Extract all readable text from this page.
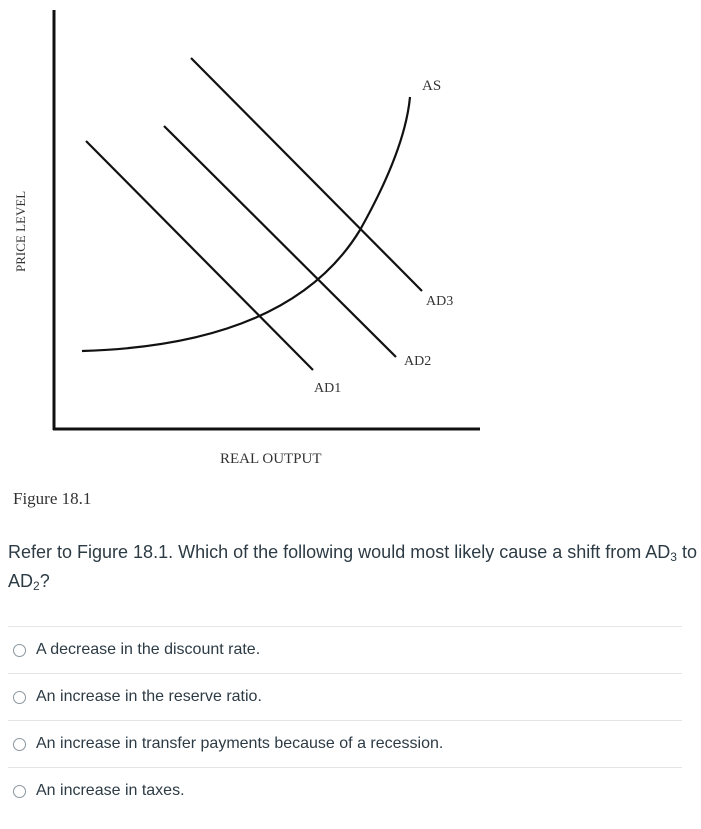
AS
AD3
AD2
AD1
REAL OUTPUT
PRICE LEVEL
Figure 18.1
Refer to Figure 18.1. Which of the following would most likely cause a shift from $AD_3$ to $AD_2$?
A decrease in the discount rate.
An increase in the reserve ratio.
An increase in transfer payments because of a recession.
An increase in taxes.
